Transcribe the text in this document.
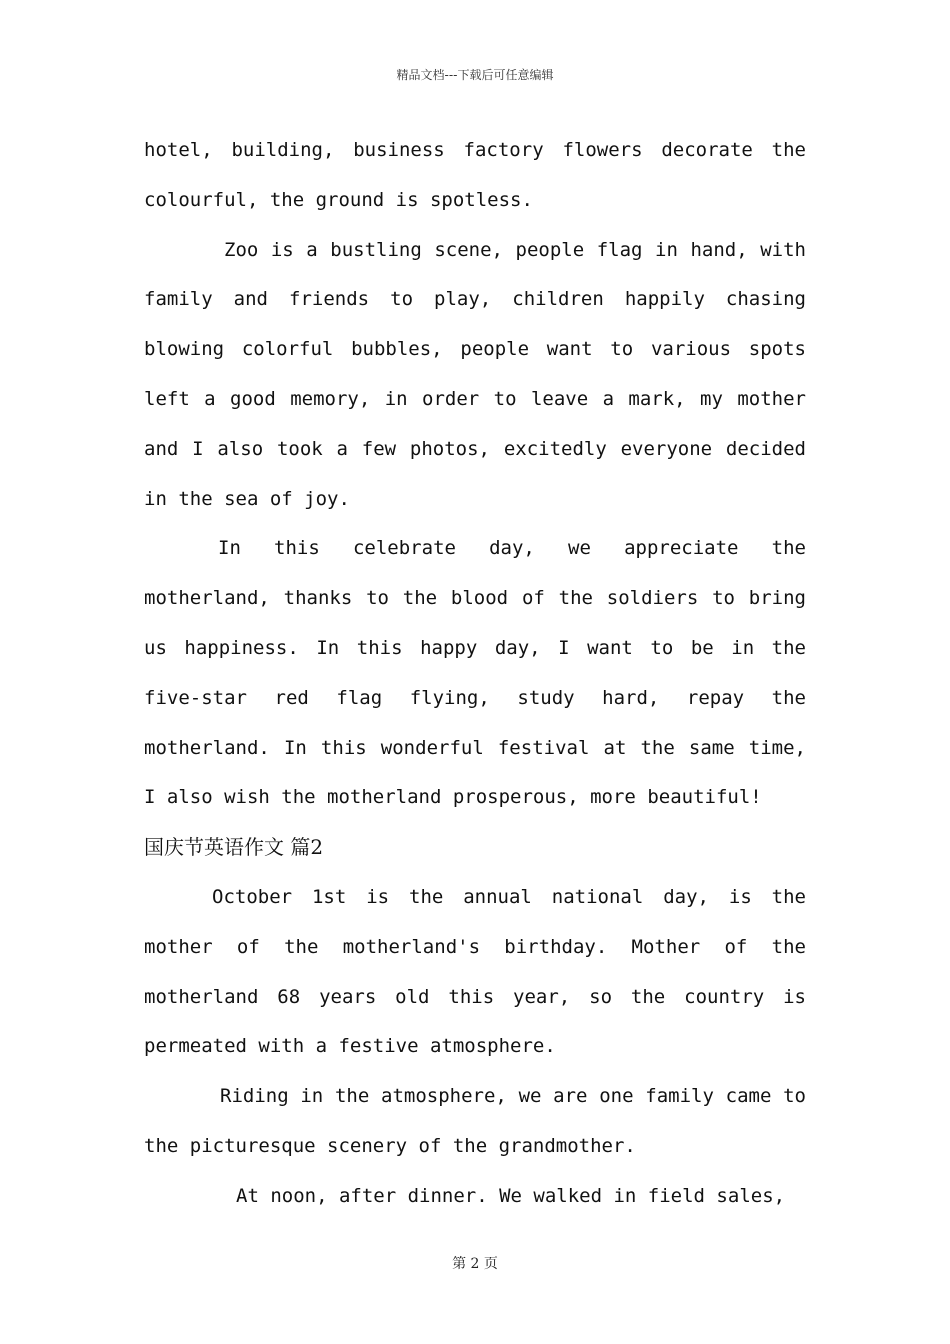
精品文档---下载后可任意编辑

hotel, building, business factory flowers decorate the colourful, the ground is spotless.

Zoo is a bustling scene, people flag in hand, with family and friends to play, children happily chasing blowing colorful bubbles, people want to various spots left a good memory, in order to leave a mark, my mother and I also took a few photos, excitedly everyone decided in the sea of joy.

In this celebrate day, we appreciate the motherland, thanks to the blood of the soldiers to bring us happiness. In this happy day, I want to be in the five-star red flag flying, study hard, repay the motherland. In this wonderful festival at the same time, I also wish the motherland prosperous, more beautiful!

国庆节英语作文 篇2

October 1st is the annual national day, is the mother of the motherland's birthday. Mother of the motherland 68 years old this year, so the country is permeated with a festive atmosphere.

Riding in the atmosphere, we are one family came to the picturesque scenery of the grandmother.

At noon, after dinner. We walked in field sales,

第 2 页
